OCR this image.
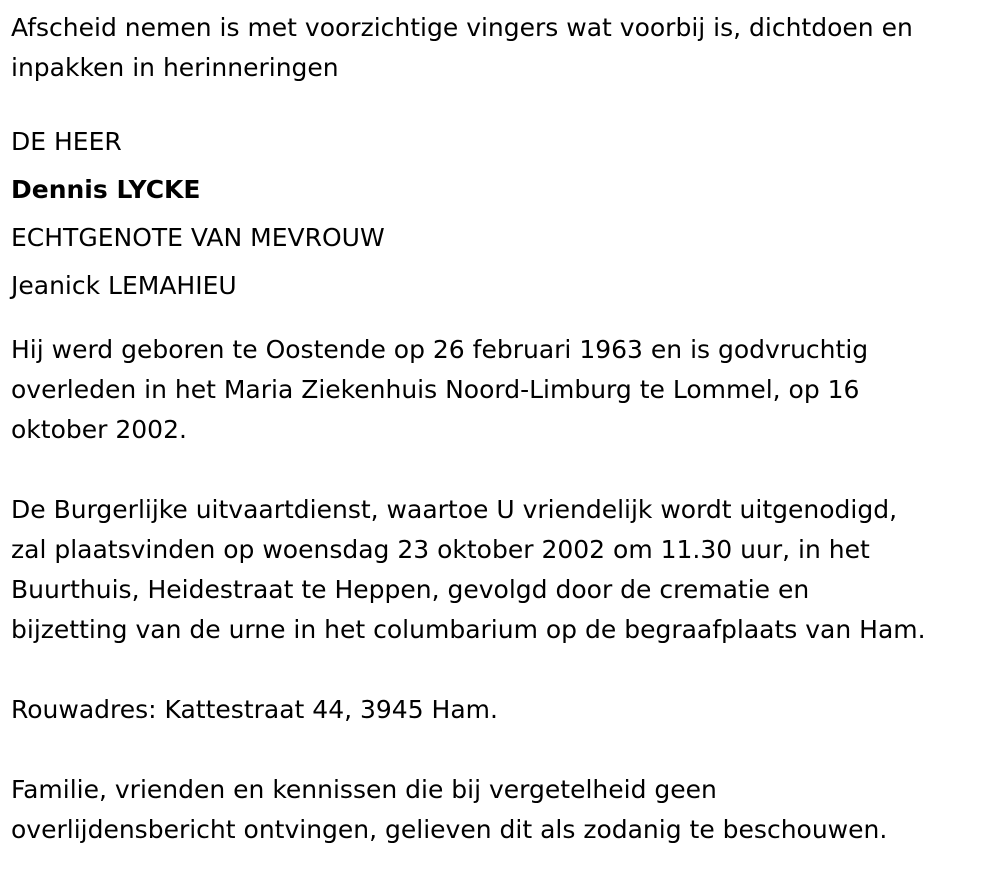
Afscheid nemen is met voorzichtige vingers wat voorbij is, dichtdoen en

inpakken in herinneringen

DE HEER

Dennis LYCKE

ECHTGENOTE VAN MEVROUW

Jeanick LEMAHIEU

Hij werd geboren te Oostende op 26 februari 1963 en is godvruchtig

overleden in het Maria Ziekenhuis Noord-Limburg te Lommel, op 16

oktober 2002.

De Burgerlijke uitvaartdienst, waartoe U vriendelijk wordt uitgenodigd,

zal plaatsvinden op woensdag 23 oktober 2002 om 11.30 uur, in het

Buurthuis, Heidestraat te Heppen, gevolgd door de crematie en

bijzetting van de urne in het columbarium op de begraafplaats van Ham.

Rouwadres: Kattestraat 44, 3945 Ham.

Familie, vrienden en kennissen die bij vergetelheid geen

overlijdensbericht ontvingen, gelieven dit als zodanig te beschouwen.
